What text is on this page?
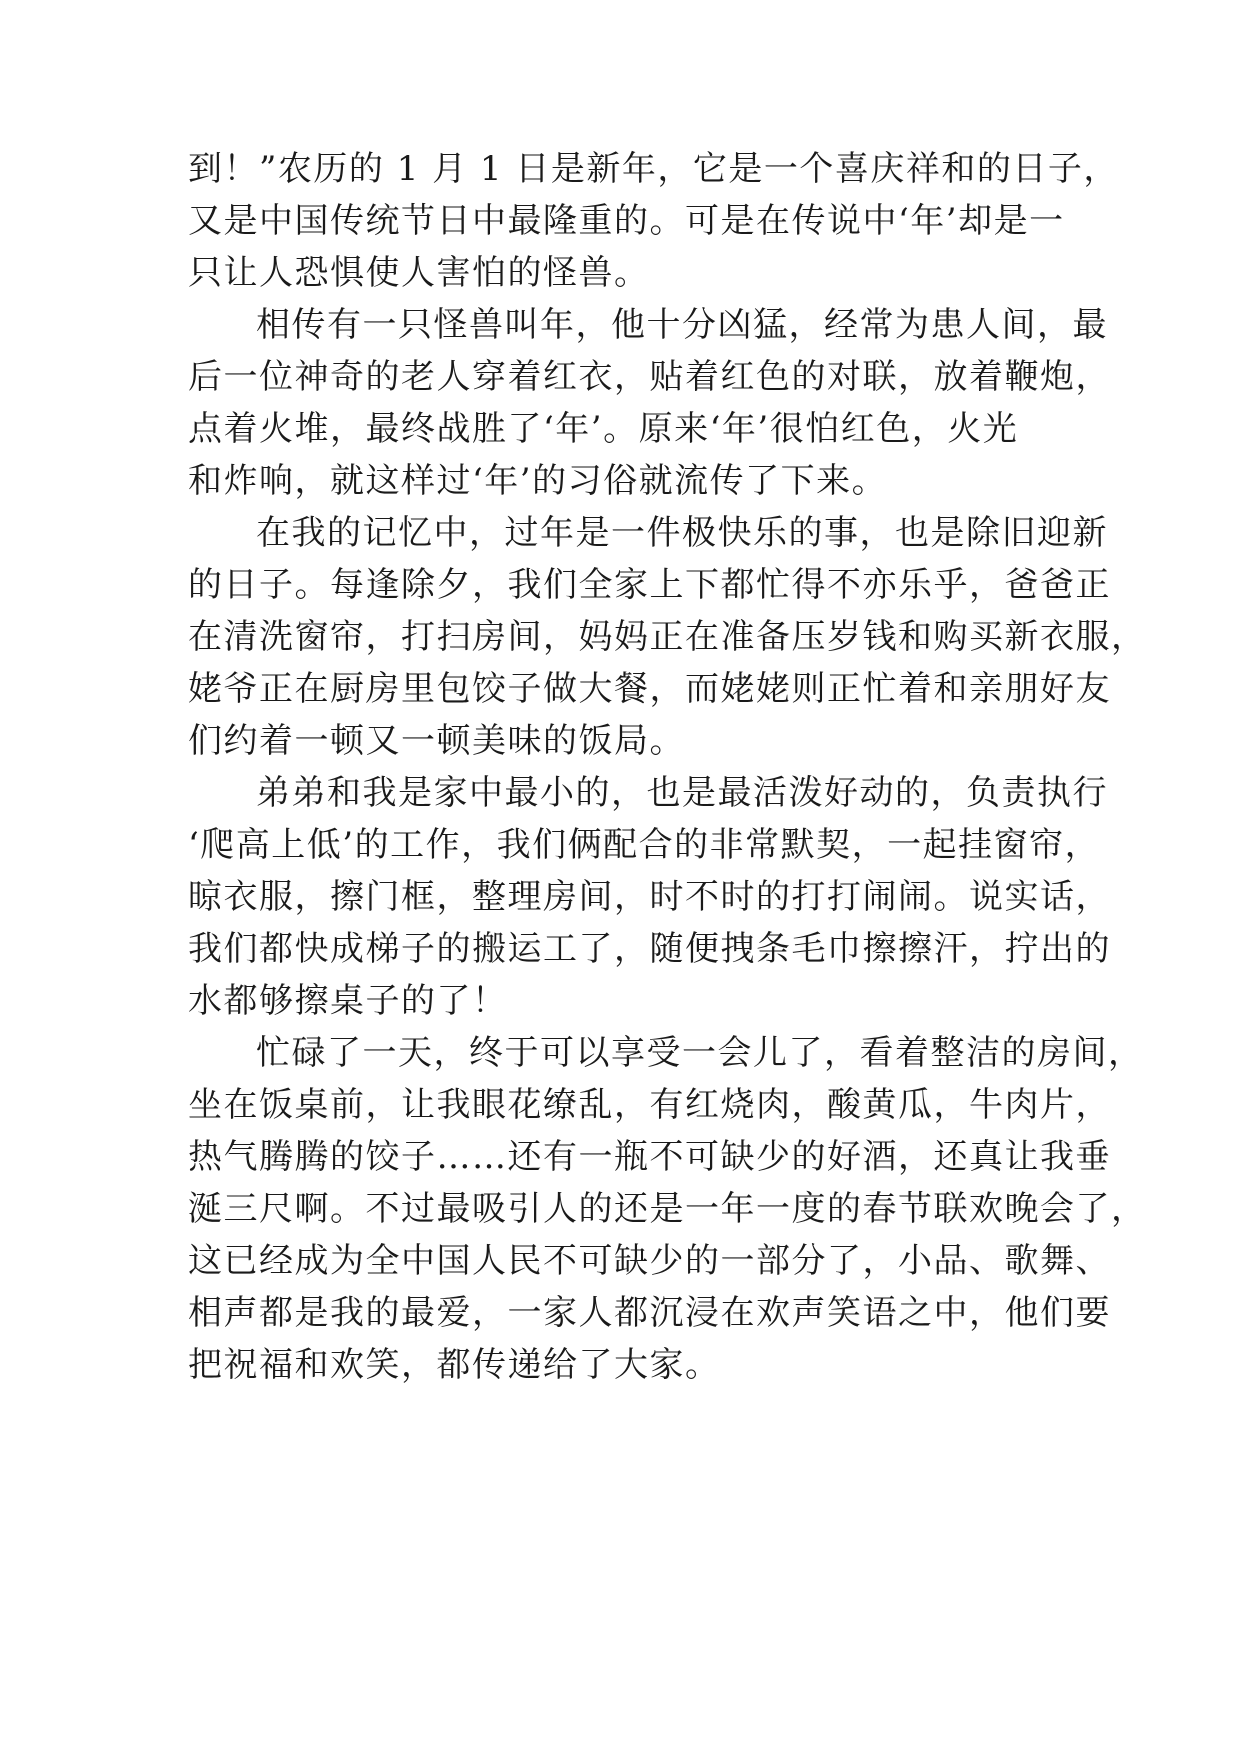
到！”农历的 1 月 1 日是新年，它是一个喜庆祥和的日子，
又是中国传统节日中最隆重的。可是在传说中‘年’却是一
只让人恐惧使人害怕的怪兽。
相传有一只怪兽叫年，他十分凶猛，经常为患人间，最
后一位神奇的老人穿着红衣，贴着红色的对联，放着鞭炮，
点着火堆，最终战胜了‘年’。原来‘年’很怕红色，火光
和炸响，就这样过‘年’的习俗就流传了下来。
在我的记忆中，过年是一件极快乐的事，也是除旧迎新
的日子。每逢除夕，我们全家上下都忙得不亦乐乎，爸爸正
在清洗窗帘，打扫房间，妈妈正在准备压岁钱和购买新衣服，
姥爷正在厨房里包饺子做大餐，而姥姥则正忙着和亲朋好友
们约着一顿又一顿美味的饭局。
弟弟和我是家中最小的，也是最活泼好动的，负责执行
‘爬高上低’的工作，我们俩配合的非常默契，一起挂窗帘，
晾衣服，擦门框，整理房间，时不时的打打闹闹。说实话，
我们都快成梯子的搬运工了，随便拽条毛巾擦擦汗，拧出的
水都够擦桌子的了！
忙碌了一天，终于可以享受一会儿了，看着整洁的房间，
坐在饭桌前，让我眼花缭乱，有红烧肉，酸黄瓜，牛肉片，
热气腾腾的饺子……还有一瓶不可缺少的好酒，还真让我垂
涎三尺啊。不过最吸引人的还是一年一度的春节联欢晚会了，
这已经成为全中国人民不可缺少的一部分了，小品、歌舞、
相声都是我的最爱，一家人都沉浸在欢声笑语之中，他们要
把祝福和欢笑，都传递给了大家。
